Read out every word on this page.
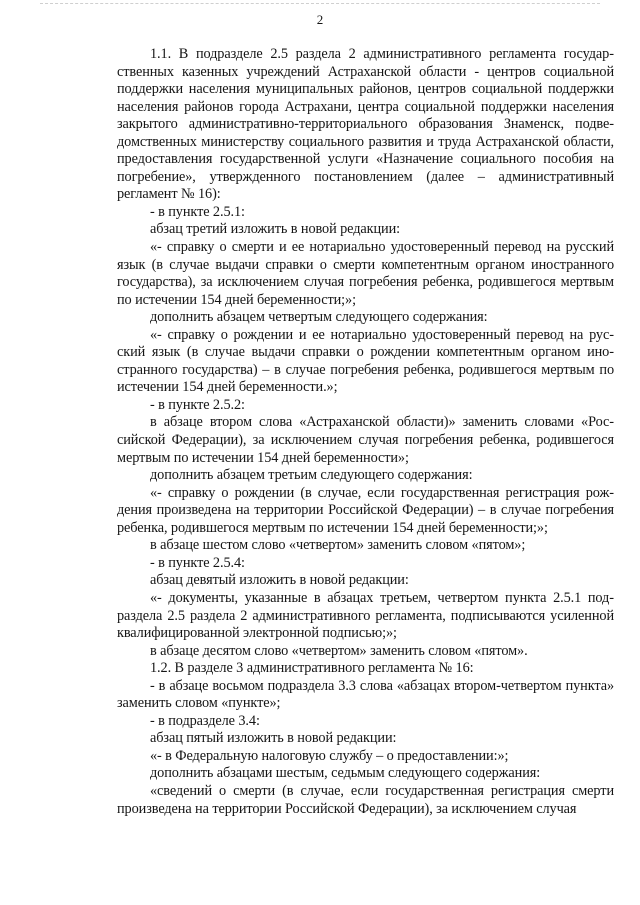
2

1.1. В подразделе 2.5 раздела 2 административного регламента государственных казенных учреждений Астраханской области - центров социальной поддержки населения муниципальных районов, центров социальной поддержки населения районов города Астрахани, центра социальной поддержки населения закрытого административно-территориального образования Знаменск, подведомственных министерству социального развития и труда Астраханской области, предоставления государственной услуги «Назначение социального пособия на погребение», утвержденного постановлением (далее – административный регламент № 16):

- в пункте 2.5.1:

абзац третий изложить в новой редакции:

«- справку о смерти и ее нотариально удостоверенный перевод на русский язык (в случае выдачи справки о смерти компетентным органом иностранного государства), за исключением случая погребения ребенка, родившегося мертвым по истечении 154 дней беременности;»;

дополнить абзацем четвертым следующего содержания:

«- справку о рождении и ее нотариально удостоверенный перевод на русский язык (в случае выдачи справки о рождении компетентным органом иностранного государства) – в случае погребения ребенка, родившегося мертвым по истечении 154 дней беременности.»;

- в пункте 2.5.2:

в абзаце втором слова «Астраханской области)» заменить словами «Российской Федерации), за исключением случая погребения ребенка, родившегося мертвым по истечении 154 дней беременности»;

дополнить абзацем третьим следующего содержания:

«- справку о рождении (в случае, если государственная регистрация рождения произведена на территории Российской Федерации) – в случае погребения ребенка, родившегося мертвым по истечении 154 дней беременности;»;

в абзаце шестом слово «четвертом» заменить словом «пятом»;

- в пункте 2.5.4:

абзац девятый изложить в новой редакции:

«- документы, указанные в абзацах третьем, четвертом пункта 2.5.1 подраздела 2.5 раздела 2 административного регламента, подписываются усиленной квалифицированной электронной подписью;»;

в абзаце десятом слово «четвертом» заменить словом «пятом».

1.2. В разделе 3 административного регламента № 16:

- в абзаце восьмом подраздела 3.3 слова «абзацах втором-четвертом пункта» заменить словом «пункте»;

- в подразделе 3.4:

абзац пятый изложить в новой редакции:

«- в Федеральную налоговую службу – о предоставлении:»;

дополнить абзацами шестым, седьмым следующего содержания:

«сведений о смерти (в случае, если государственная регистрация смерти произведена на территории Российской Федерации), за исключением случая
